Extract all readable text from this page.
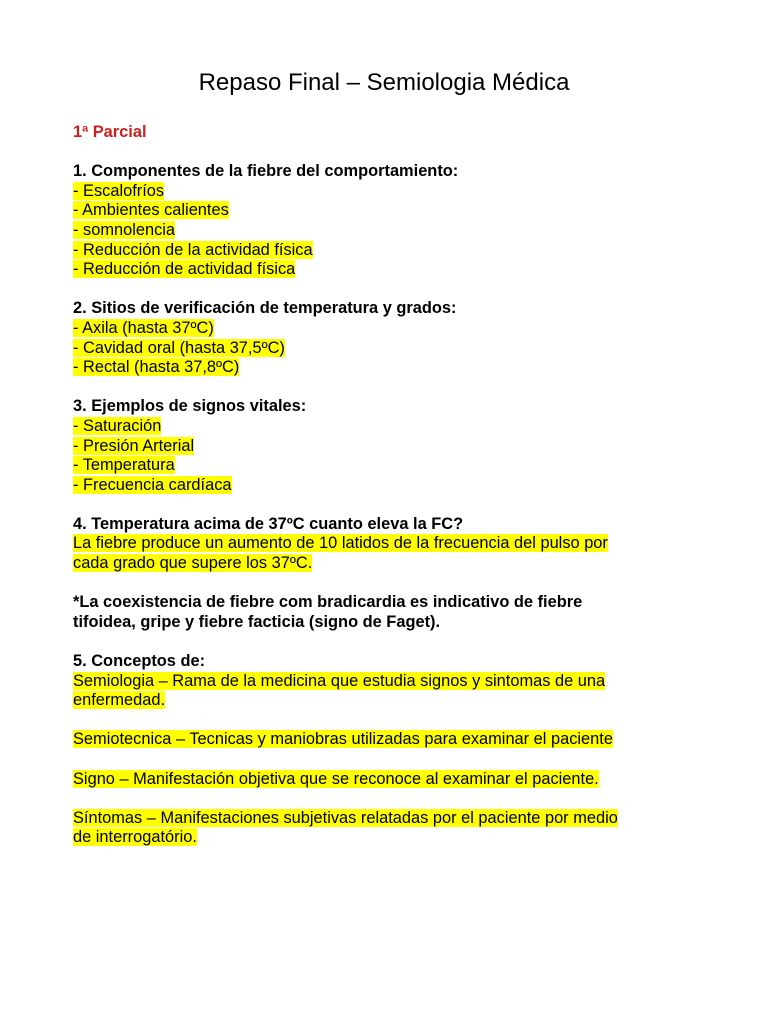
Repaso Final – Semiologia Médica

1ª Parcial

1. Componentes de la fiebre del comportamiento:

- Escalofríos

- Ambientes calientes

- somnolencia

- Reducción de la actividad física

- Reducción de actividad física

2. Sitios de verificación de temperatura y grados:

- Axila (hasta 37ºC)

- Cavidad oral (hasta 37,5ºC)

- Rectal (hasta 37,8ºC)

3. Ejemplos de signos vitales:

- Saturación

- Presión Arterial

- Temperatura

- Frecuencia cardíaca

4. Temperatura acima de 37ºC cuanto eleva la FC?

La fiebre produce un aumento de 10 latidos de la frecuencia del pulso por

cada grado que supere los 37ºC.

*La coexistencia de fiebre com bradicardia es indicativo de fiebre

tifoidea, gripe y fiebre facticia (signo de Faget).

5. Conceptos de:

Semiologia – Rama de la medicina que estudia signos y sintomas de una

enfermedad.

Semiotecnica – Tecnicas y maniobras utilizadas para examinar el paciente

Signo – Manifestación objetiva que se reconoce al examinar el paciente.

Síntomas – Manifestaciones subjetivas relatadas por el paciente por medio

de interrogatório.
